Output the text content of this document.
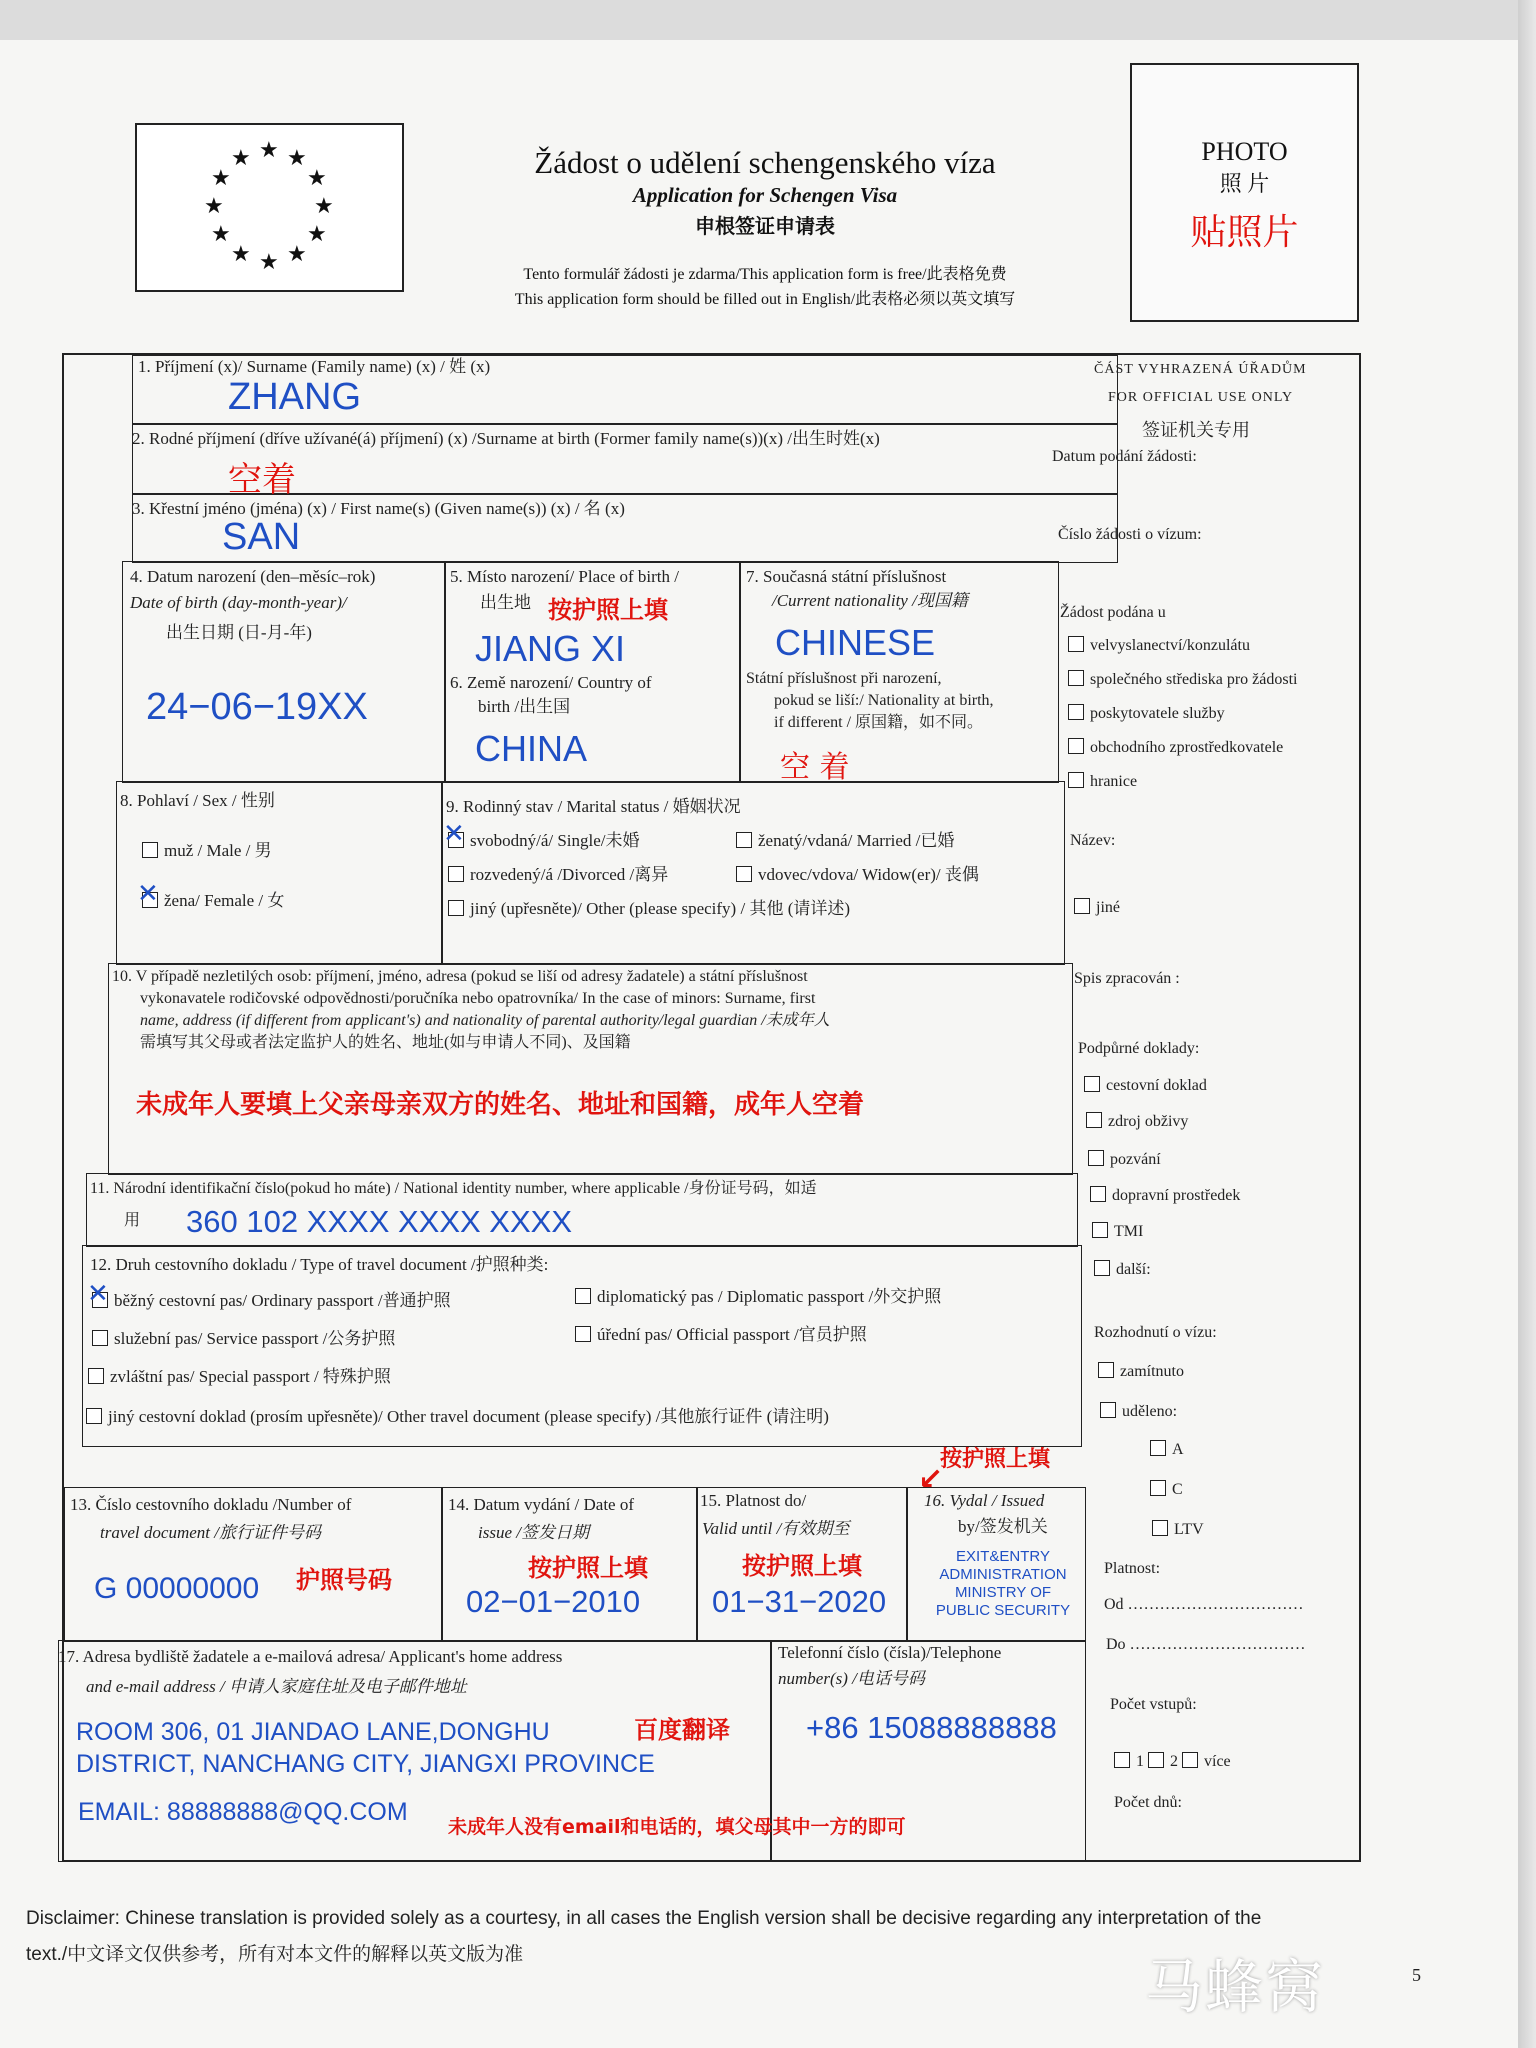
★ ★
★
★
★
★
★
★
★
★
★
★	Žádost o udělení schengenského víza
Application for Schengen Visa
申根签证申请表
Tento formulář žádosti je zdarma/This application form is free/此表格免费
This application form should be filled out in English/此表格必须以英文填写
PHOTO
照 片
贴照片
1. Příjmení (x)/ Surname (Family name) (x) / 姓 (x)
ZHANG
2. Rodné příjmení (dříve užívané(á) příjmení) (x) /Surname at birth (Former family name(s))(x) /出生时姓(x)
空着
3. Křestní jméno (jména) (x) / First name(s) (Given name(s)) (x) / 名 (x)
SAN
4. Datum narození (den–měsíc–rok)
Date of birth (day-month-year)/
出生日期 (日-月-年)
24−06−19XX
5. Místo narození/ Place of birth /
出生地 按护照上填
JIANG XI
6. Země narození/ Country of
birth /出生国
CHINA
7. Současná státní příslušnost
/Current nationality /现国籍
CHINESE
Státní příslušnost při narození,
pokud se liší:/ Nationality at birth,
if different / 原国籍，如不同。
空 着
8. Pohlaví / Sex / 性别
muž / Male / 男
✕žena/ Female / 女
9. Rodinný stav / Marital status / 婚姻状况
✕svobodný/á/ Single/未婚	ženatý/vdaná/ Married /已婚
rozvedený/á /Divorced /离异	vdovec/vdova/ Widow(er)/ 丧偶
jiný (upřesněte)/ Other (please specify) / 其他 (请详述)
10. V případě nezletilých osob: příjmení, jméno, adresa (pokud se liší od adresy žadatele) a státní příslušnost
vykonavatele rodičovské odpovědnosti/poručníka nebo opatrovníka/ In the case of minors: Surname, first
name, address (if different from applicant's) and nationality of parental authority/legal guardian /未成年人
需填写其父母或者法定监护人的姓名、地址(如与申请人不同)、及国籍
未成年人要填上父亲母亲双方的姓名、地址和国籍，成年人空着
11. Národní identifikační číslo(pokud ho máte) / National identity number, where applicable /身份证号码，如适
用 360 102 XXXX XXXX XXXX
12. Druh cestovního dokladu / Type of travel document /护照种类:
✕běžný cestovní pas/ Ordinary passport /普通护照	diplomatický pas / Diplomatic passport /外交护照
služební pas/ Service passport /公务护照	úřední pas/ Official passport /官员护照
zvláštní pas/ Special passport / 特殊护照
jiný cestovní doklad (prosím upřesněte)/ Other travel document (please specify) /其他旅行证件 (请注明)
按护照上填
↙
13. Číslo cestovního dokladu /Number of
travel document /旅行证件号码
G 00000000 护照号码
14. Datum vydání / Date of
issue /签发日期
按护照上填
02−01−2010
15. Platnost do/
Valid until /有效期至
按护照上填
01−31−2020
16. Vydal / Issued
by/签发机关
EXIT&ENTRY
ADMINISTRATION
MINISTRY OF
PUBLIC SECURITY
17. Adresa bydliště žadatele a e-mailová adresa/ Applicant's home address
and e-mail address / 申请人家庭住址及电子邮件地址
百度翻译
ROOM 306, 01 JIANDAO LANE,DONGHU
DISTRICT, NANCHANG CITY, JIANGXI PROVINCE
EMAIL: 88888888@QQ.COM
未成年人没有email和电话的，填父母其中一方的即可
Telefonní číslo (čísla)/Telephone
number(s) /电话号码
+86 15088888888
ČÁST VYHRAZENÁ ÚŘADŮM
FOR OFFICIAL USE ONLY
签证机关专用
Datum podání žádosti:
Číslo žádosti o vízum:
Žádost podána u
velvyslanectví/konzulátu
společného střediska pro žádosti
poskytovatele služby
obchodního zprostředkovatele
hranice
Název:
jiné
Spis zpracován :
Podpůrné doklady:
cestovní doklad
zdroj obživy
pozvání
dopravní prostředek
TMI
další:
Rozhodnutí o vízu:
zamítnuto
uděleno:
A
C
LTV
Platnost:
Od ……………………………
Do ……………………………
Počet vstupů:
1 2 více
Počet dnů:
Disclaimer: Chinese translation is provided solely as a courtesy, in all cases the English version shall be decisive regarding any interpretation of the
text./中文译文仅供参考，所有对本文件的解释以英文版为准
5
马蜂窝
